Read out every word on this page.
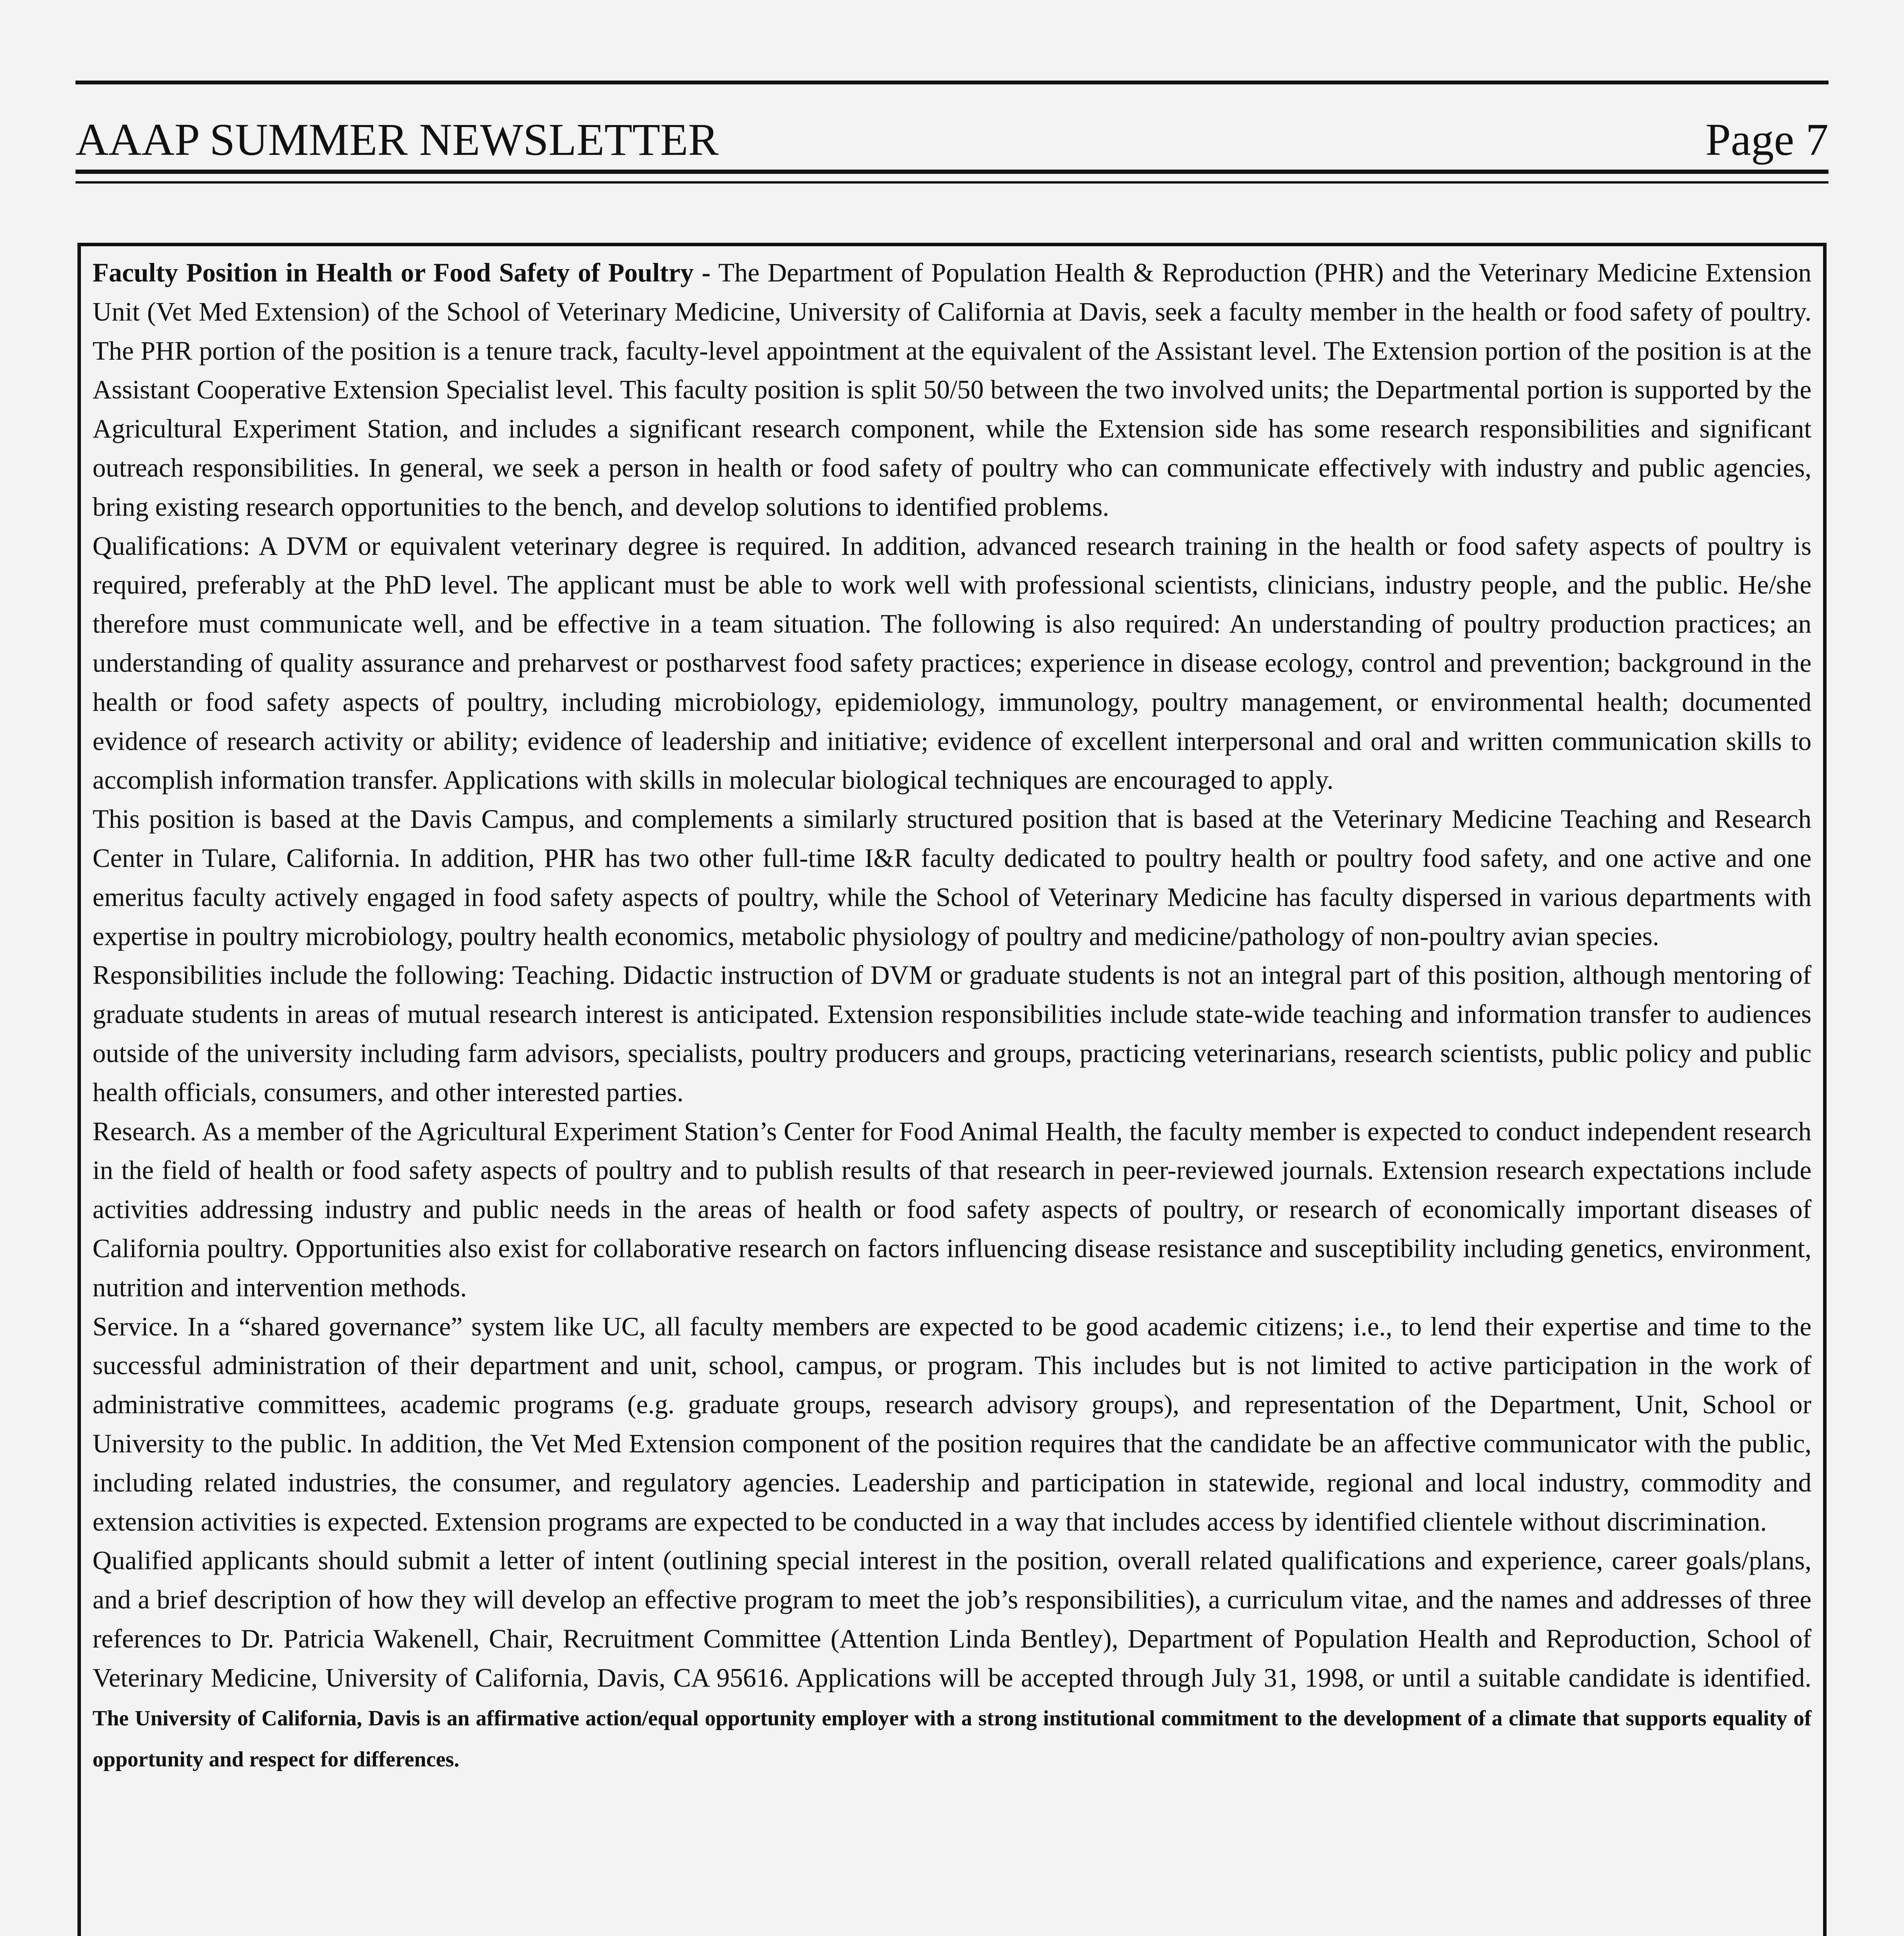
AAAP SUMMER NEWSLETTER	Page 7

Faculty Position in Health or Food Safety of Poultry - The Department of Population Health & Reproduction (PHR) and the Veterinary Medicine Extension Unit (Vet Med Extension) of the School of Veterinary Medicine, University of California at Davis, seek a faculty member in the health or food safety of poultry. The PHR portion of the position is a tenure track, faculty-level appointment at the equivalent of the Assistant level. The Extension portion of the position is at the Assistant Cooperative Extension Specialist level. This faculty position is split 50/50 between the two involved units; the Departmental portion is supported by the Agricultural Experiment Station, and includes a significant research component, while the Extension side has some research responsibilities and significant outreach responsibilities. In general, we seek a person in health or food safety of poultry who can communicate effectively with industry and public agencies, bring existing research opportunities to the bench, and develop solutions to identified problems.

Qualifications: A DVM or equivalent veterinary degree is required. In addition, advanced research training in the health or food safety aspects of poultry is required, preferably at the PhD level. The applicant must be able to work well with professional scientists, clinicians, industry people, and the public. He/she therefore must communicate well, and be effective in a team situation. The following is also required: An understanding of poultry production practices; an understanding of quality assurance and preharvest or postharvest food safety practices; experience in disease ecology, control and prevention; background in the health or food safety aspects of poultry, including microbiology, epidemiology, immunology, poultry management, or environmental health; documented evidence of research activity or ability; evidence of leadership and initiative; evidence of excellent interpersonal and oral and written communication skills to accomplish information transfer. Applications with skills in molecular biological techniques are encouraged to apply.

This position is based at the Davis Campus, and complements a similarly structured position that is based at the Veterinary Medicine Teaching and Research Center in Tulare, California. In addition, PHR has two other full-time I&R faculty dedicated to poultry health or poultry food safety, and one active and one emeritus faculty actively engaged in food safety aspects of poultry, while the School of Veterinary Medicine has faculty dispersed in various departments with expertise in poultry microbiology, poultry health economics, metabolic physiology of poultry and medicine/pathology of non-poultry avian species.

Responsibilities include the following: Teaching. Didactic instruction of DVM or graduate students is not an integral part of this position, although mentoring of graduate students in areas of mutual research interest is anticipated. Extension responsibilities include state-wide teaching and information transfer to audiences outside of the university including farm advisors, specialists, poultry producers and groups, practicing veterinarians, research scientists, public policy and public health officials, consumers, and other interested parties.

Research. As a member of the Agricultural Experiment Station’s Center for Food Animal Health, the faculty member is expected to conduct independent research in the field of health or food safety aspects of poultry and to publish results of that research in peer-reviewed journals. Extension research expectations include activities addressing industry and public needs in the areas of health or food safety aspects of poultry, or research of economically important diseases of California poultry. Opportunities also exist for collaborative research on factors influencing disease resistance and susceptibility including genetics, environment, nutrition and intervention methods.

Service. In a “shared governance” system like UC, all faculty members are expected to be good academic citizens; i.e., to lend their expertise and time to the successful administration of their department and unit, school, campus, or program. This includes but is not limited to active participation in the work of administrative committees, academic programs (e.g. graduate groups, research advisory groups), and representation of the Department, Unit, School or University to the public. In addition, the Vet Med Extension component of the position requires that the candidate be an affective communicator with the public, including related industries, the consumer, and regulatory agencies. Leadership and participation in statewide, regional and local industry, commodity and extension activities is expected. Extension programs are expected to be conducted in a way that includes access by identified clientele without discrimination.

Qualified applicants should submit a letter of intent (outlining special interest in the position, overall related qualifications and experience, career goals/plans, and a brief description of how they will develop an effective program to meet the job’s responsibilities), a curriculum vitae, and the names and addresses of three references to Dr. Patricia Wakenell, Chair, Recruitment Committee (Attention Linda Bentley), Department of Population Health and Reproduction, School of Veterinary Medicine, University of California, Davis, CA 95616. Applications will be accepted through July 31, 1998, or until a suitable candidate is identified. The University of California, Davis is an affirmative action/equal opportunity employer with a strong institutional commitment to the development of a climate that supports equality of opportunity and respect for differences.
